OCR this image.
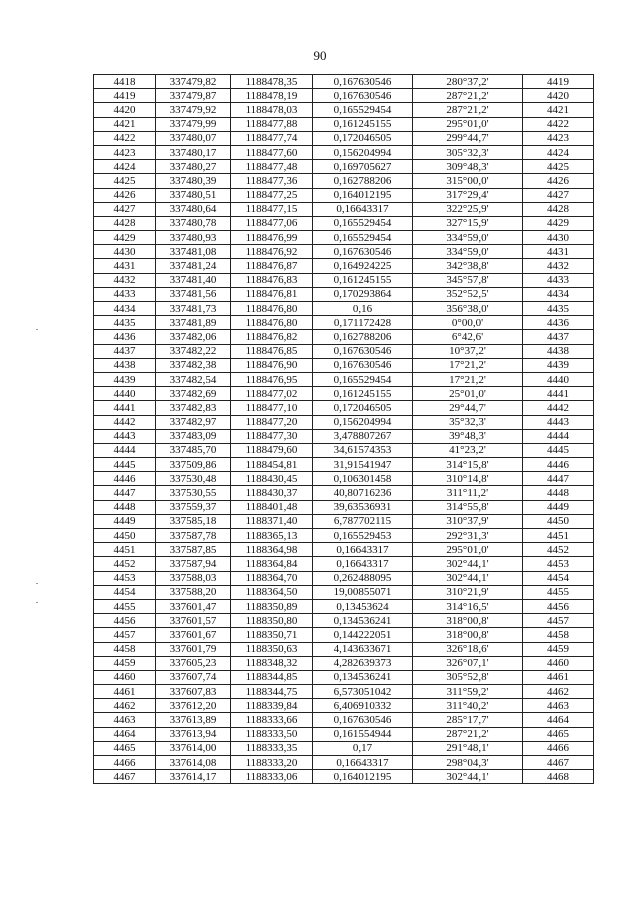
90
4418	337479,82	1188478,35	0,167630546	280°37,2'	4419
4419	337479,87	1188478,19	0,167630546	287°21,2'	4420
4420	337479,92	1188478,03	0,165529454	287°21,2'	4421
4421	337479,99	1188477,88	0,161245155	295°01,0'	4422
4422	337480,07	1188477,74	0,172046505	299°44,7'	4423
4423	337480,17	1188477,60	0,156204994	305°32,3'	4424
4424	337480,27	1188477,48	0,169705627	309°48,3'	4425
4425	337480,39	1188477,36	0,162788206	315°00,0'	4426
4426	337480,51	1188477,25	0,164012195	317°29,4'	4427
4427	337480,64	1188477,15	0,16643317	322°25,9'	4428
4428	337480,78	1188477,06	0,165529454	327°15,9'	4429
4429	337480,93	1188476,99	0,165529454	334°59,0'	4430
4430	337481,08	1188476,92	0,167630546	334°59,0'	4431
4431	337481,24	1188476,87	0,164924225	342°38,8'	4432
4432	337481,40	1188476,83	0,161245155	345°57,8'	4433
4433	337481,56	1188476,81	0,170293864	352°52,5'	4434
4434	337481,73	1188476,80	0,16	356°38,0'	4435
4435	337481,89	1188476,80	0,171172428	0°00,0'	4436
4436	337482,06	1188476,82	0,162788206	6°42,6'	4437
4437	337482,22	1188476,85	0,167630546	10°37,2'	4438
4438	337482,38	1188476,90	0,167630546	17°21,2'	4439
4439	337482,54	1188476,95	0,165529454	17°21,2'	4440
4440	337482,69	1188477,02	0,161245155	25°01,0'	4441
4441	337482,83	1188477,10	0,172046505	29°44,7'	4442
4442	337482,97	1188477,20	0,156204994	35°32,3'	4443
4443	337483,09	1188477,30	3,478807267	39°48,3'	4444
4444	337485,70	1188479,60	34,61574353	41°23,2'	4445
4445	337509,86	1188454,81	31,91541947	314°15,8'	4446
4446	337530,48	1188430,45	0,106301458	310°14,8'	4447
4447	337530,55	1188430,37	40,80716236	311°11,2'	4448
4448	337559,37	1188401,48	39,63536931	314°55,8'	4449
4449	337585,18	1188371,40	6,787702115	310°37,9'	4450
4450	337587,78	1188365,13	0,165529453	292°31,3'	4451
4451	337587,85	1188364,98	0,16643317	295°01,0'	4452
4452	337587,94	1188364,84	0,16643317	302°44,1'	4453
4453	337588,03	1188364,70	0,262488095	302°44,1'	4454
4454	337588,20	1188364,50	19,00855071	310°21,9'	4455
4455	337601,47	1188350,89	0,13453624	314°16,5'	4456
4456	337601,57	1188350,80	0,134536241	318°00,8'	4457
4457	337601,67	1188350,71	0,144222051	318°00,8'	4458
4458	337601,79	1188350,63	4,143633671	326°18,6'	4459
4459	337605,23	1188348,32	4,282639373	326°07,1'	4460
4460	337607,74	1188344,85	0,134536241	305°52,8'	4461
4461	337607,83	1188344,75	6,573051042	311°59,2'	4462
4462	337612,20	1188339,84	6,406910332	311°40,2'	4463
4463	337613,89	1188333,66	0,167630546	285°17,7'	4464
4464	337613,94	1188333,50	0,161554944	287°21,2'	4465
4465	337614,00	1188333,35	0,17	291°48,1'	4466
4466	337614,08	1188333,20	0,16643317	298°04,3'	4467
4467	337614,17	1188333,06	0,164012195	302°44,1'	4468
